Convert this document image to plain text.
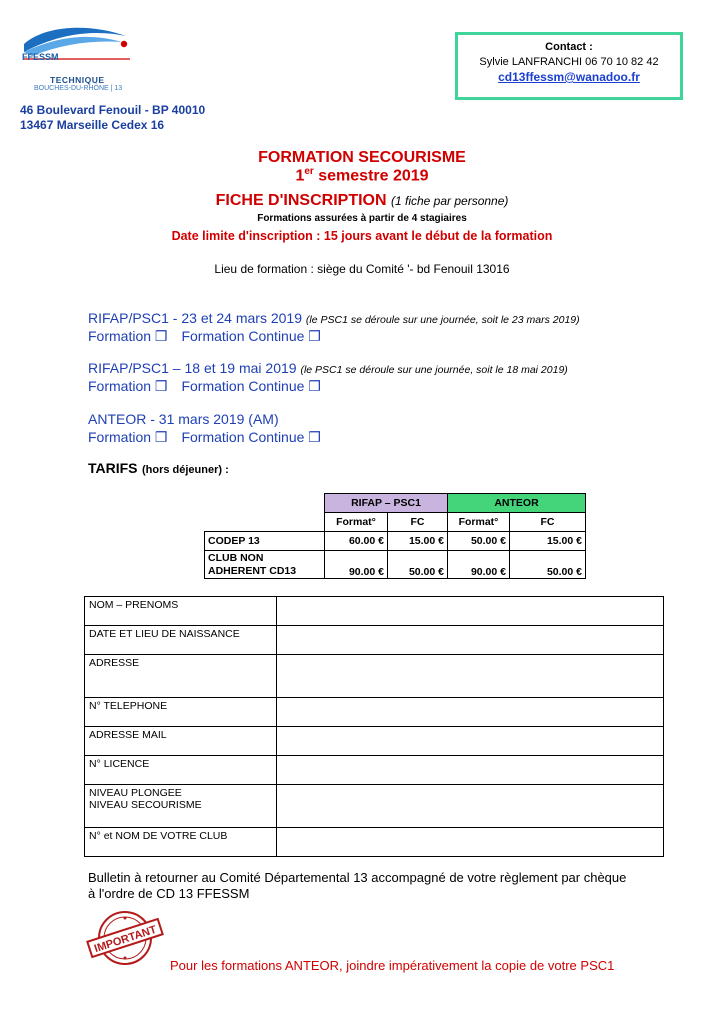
FFESSM
TECHNIQUE
BOUCHES-DU-RHÔNE | 13
46 Boulevard Fenouil - BP 40010
13467 Marseille Cedex 16
Contact :
Sylvie LANFRANCHI 06 70 10 82 42
cd13ffessm@wanadoo.fr
FORMATION SECOURISME
1er semestre 2019
FICHE D'INSCRIPTION (1 fiche par personne)
Formations assurées à partir de 4 stagiaires
Date limite d'inscription : 15 jours avant le début de la formation
Lieu de formation : siège du Comité '- bd Fenouil 13016
RIFAP/PSC1 - 23 et 24 mars 2019 (le PSC1 se déroule sur une journée, soit le 23 mars 2019)
Formation ❒ Formation Continue ❒
RIFAP/PSC1 – 18 et 19 mai 2019 (le PSC1 se déroule sur une journée, soit le 18 mai 2019)
Formation ❒ Formation Continue ❒
ANTEOR - 31 mars 2019 (AM)
Formation ❒ Formation Continue ❒
TARIFS (hors déjeuner) :
	RIFAP – PSC1		ANTEOR	
	Format°	FC	Format°	FC
CODEP 13	60.00 €	15.00 €	50.00 €	15.00 €

CLUB NON
ADHERENT CD13	90.00 €	50.00 €	90.00 €	50.00 €
NOM – PRENOMS	
DATE ET LIEU DE NAISSANCE	
ADRESSE	
N° TELEPHONE	
ADRESSE MAIL	
N° LICENCE	

NIVEAU PLONGEE
NIVEAU SECOURISME	

N° et NOM DE VOTRE CLUB	
Bulletin à retourner au Comité Départemental 13 accompagné de votre règlement par chèque
à l'ordre de CD 13 FFESSM
IMPORTANT
Pour les formations ANTEOR, joindre impérativement la copie de votre PSC1
